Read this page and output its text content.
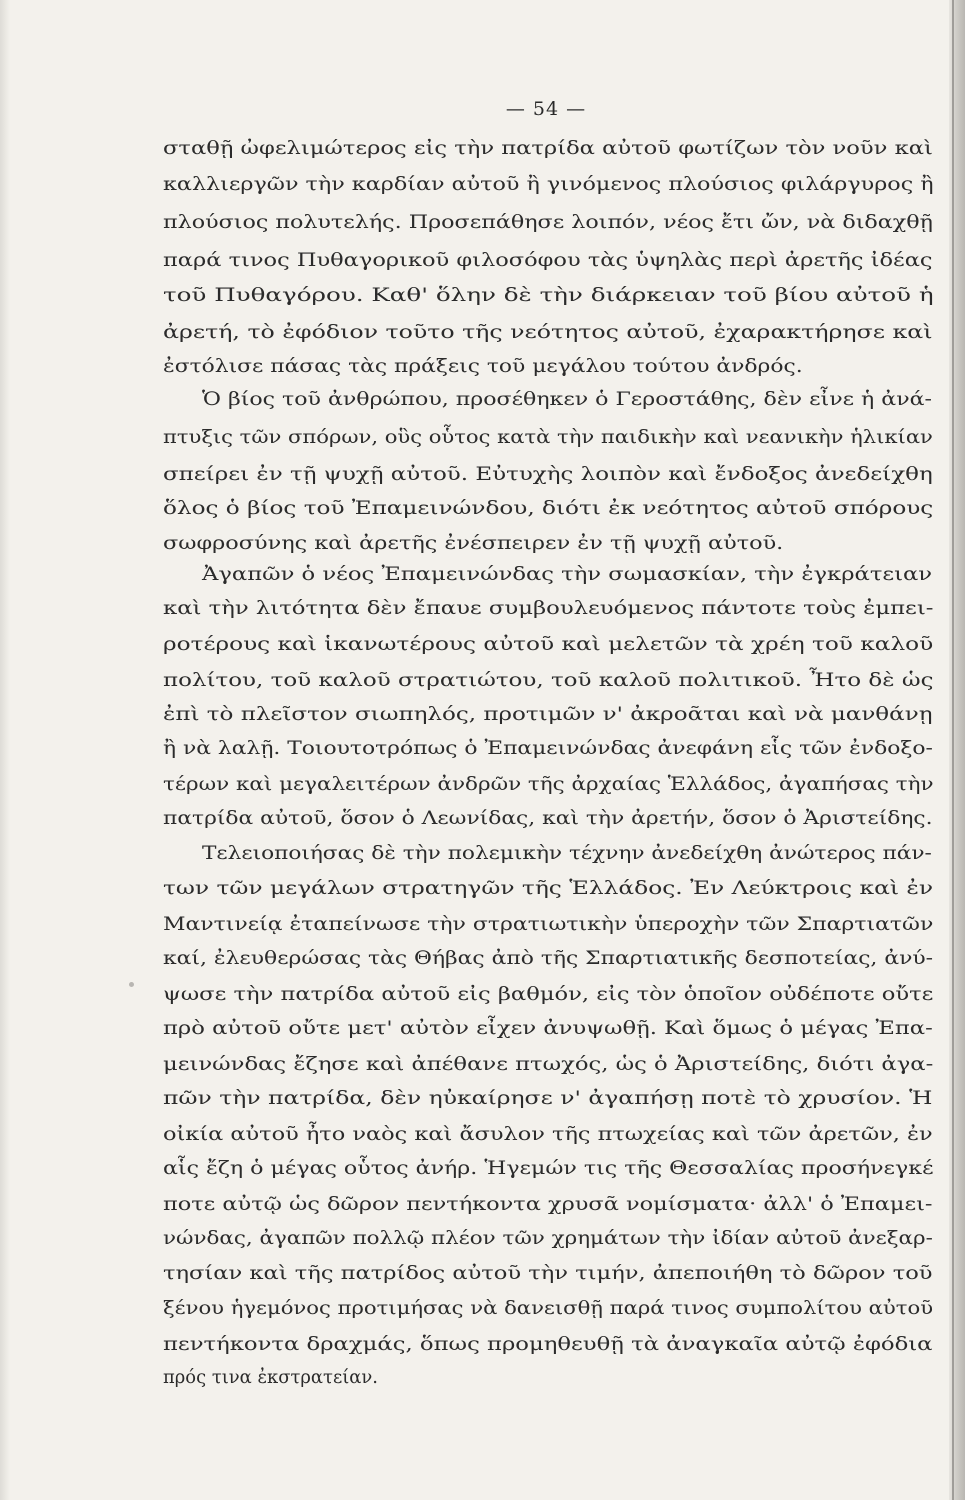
— 54 —
σταθῇ ὠφελιμώτερος εἰς τὴν πατρίδα αὐτοῦ φωτίζων τὸν νοῦν καὶ
καλλιεργῶν τὴν καρδίαν αὐτοῦ ἢ γινόμενος πλούσιος φιλάργυρος ἢ
πλούσιος πολυτελής. Προσεπάθησε λοιπόν, νέος ἔτι ὤν, νὰ διδαχθῇ
παρά τινος Πυθαγορικοῦ φιλοσόφου τὰς ὑψηλὰς περὶ ἀρετῆς ἰδέας
τοῦ Πυθαγόρου. Καθ' ὅλην δὲ τὴν διάρκειαν τοῦ βίου αὐτοῦ ἡ
ἀρετή, τὸ ἐφόδιον τοῦτο τῆς νεότητος αὐτοῦ, ἐχαρακτήρησε καὶ
ἐστόλισε πάσας τὰς πράξεις τοῦ μεγάλου τούτου ἀνδρός.
Ὁ βίος τοῦ ἀνθρώπου, προσέθηκεν ὁ Γεροστάθης, δὲν εἶνε ἡ ἀνά-
πτυξις τῶν σπόρων, οὓς οὗτος κατὰ τὴν παιδικὴν καὶ νεανικὴν ἡλικίαν
σπείρει ἐν τῇ ψυχῇ αὐτοῦ. Εὐτυχὴς λοιπὸν καὶ ἔνδοξος ἀνεδείχθη
ὅλος ὁ βίος τοῦ Ἐπαμεινώνδου, διότι ἐκ νεότητος αὐτοῦ σπόρους
σωφροσύνης καὶ ἀρετῆς ἐνέσπειρεν ἐν τῇ ψυχῇ αὐτοῦ.
Ἀγαπῶν ὁ νέος Ἐπαμεινώνδας τὴν σωμασκίαν, τὴν ἐγκράτειαν
καὶ τὴν λιτότητα δὲν ἔπαυε συμβουλευόμενος πάντοτε τοὺς ἐμπει-
ροτέρους καὶ ἱκανωτέρους αὐτοῦ καὶ μελετῶν τὰ χρέη τοῦ καλοῦ
πολίτου, τοῦ καλοῦ στρατιώτου, τοῦ καλοῦ πολιτικοῦ. Ἦτο δὲ ὡς
ἐπὶ τὸ πλεῖστον σιωπηλός, προτιμῶν ν' ἀκροᾶται καὶ νὰ μανθάνῃ
ἢ νὰ λαλῇ. Τοιουτοτρόπως ὁ Ἐπαμεινώνδας ἀνεφάνη εἷς τῶν ἐνδοξο-
τέρων καὶ μεγαλειτέρων ἀνδρῶν τῆς ἀρχαίας Ἑλλάδος, ἀγαπήσας τὴν
πατρίδα αὐτοῦ, ὅσον ὁ Λεωνίδας, καὶ τὴν ἀρετήν, ὅσον ὁ Ἀριστείδης.
Τελειοποιήσας δὲ τὴν πολεμικὴν τέχνην ἀνεδείχθη ἀνώτερος πάν-
των τῶν μεγάλων στρατηγῶν τῆς Ἑλλάδος. Ἐν Λεύκτροις καὶ ἐν
Μαντινείᾳ ἐταπείνωσε τὴν στρατιωτικὴν ὑπεροχὴν τῶν Σπαρτιατῶν
καί, ἐλευθερώσας τὰς Θήβας ἀπὸ τῆς Σπαρτιατικῆς δεσποτείας, ἀνύ-
ψωσε τὴν πατρίδα αὐτοῦ εἰς βαθμόν, εἰς τὸν ὁποῖον οὐδέποτε οὔτε
πρὸ αὐτοῦ οὔτε μετ' αὐτὸν εἶχεν ἀνυψωθῇ. Καὶ ὅμως ὁ μέγας Ἐπα-
μεινώνδας ἔζησε καὶ ἀπέθανε πτωχός, ὡς ὁ Ἀριστείδης, διότι ἀγα-
πῶν τὴν πατρίδα, δὲν ηὐκαίρησε ν' ἀγαπήσῃ ποτὲ τὸ χρυσίον. Ἡ
οἰκία αὐτοῦ ἦτο ναὸς καὶ ἄσυλον τῆς πτωχείας καὶ τῶν ἀρετῶν, ἐν
αἷς ἔζη ὁ μέγας οὗτος ἀνήρ. Ἡγεμών τις τῆς Θεσσαλίας προσήνεγκέ
ποτε αὐτῷ ὡς δῶρον πεντήκοντα χρυσᾶ νομίσματα· ἀλλ' ὁ Ἐπαμει-
νώνδας, ἀγαπῶν πολλῷ πλέον τῶν χρημάτων τὴν ἰδίαν αὐτοῦ ἀνεξαρ-
τησίαν καὶ τῆς πατρίδος αὐτοῦ τὴν τιμήν, ἀπεποιήθη τὸ δῶρον τοῦ
ξένου ἡγεμόνος προτιμήσας νὰ δανεισθῇ παρά τινος συμπολίτου αὐτοῦ
πεντήκοντα δραχμάς, ὅπως προμηθευθῇ τὰ ἀναγκαῖα αὐτῷ ἐφόδια
πρός τινα ἐκστρατείαν.
